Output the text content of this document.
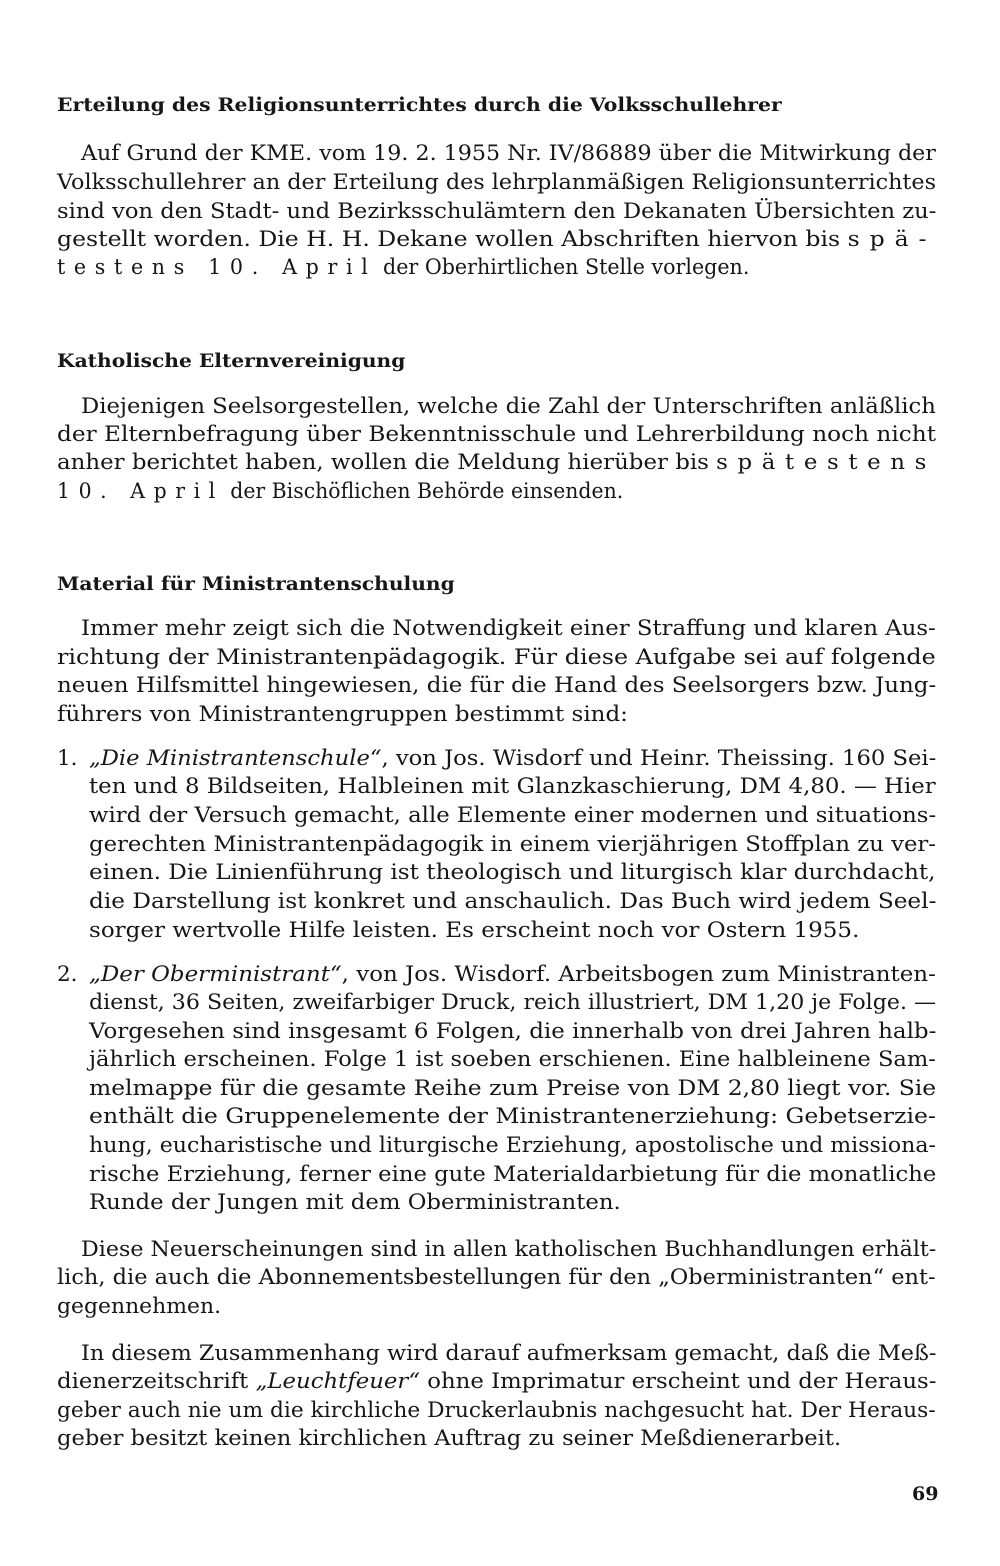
Erteilung des Religionsunterrichtes durch die Volksschullehrer
Auf Grund der KME. vom 19. 2. 1955 Nr. IV/86889 über die Mitwirkung der
Volksschullehrer an der Erteilung des lehrplanmäßigen Religionsunterrichtes
sind von den Stadt- und Bezirksschulämtern den Dekanaten Übersichten zu-
gestellt worden. Die H. H. Dekane wollen Abschriften hiervon bis spä-
testens 10. April der Oberhirtlichen Stelle vorlegen.
Katholische Elternvereinigung
Diejenigen Seelsorgestellen, welche die Zahl der Unterschriften anläßlich
der Elternbefragung über Bekenntnisschule und Lehrerbildung noch nicht
anher berichtet haben, wollen die Meldung hierüber bis spätestens
10. April der Bischöflichen Behörde einsenden.
Material für Ministrantenschulung
Immer mehr zeigt sich die Notwendigkeit einer Straffung und klaren Aus-
richtung der Ministrantenpädagogik. Für diese Aufgabe sei auf folgende
neuen Hilfsmittel hingewiesen, die für die Hand des Seelsorgers bzw. Jung-
führers von Ministrantengruppen bestimmt sind:
1. „Die Ministrantenschule“, von Jos. Wisdorf und Heinr. Theissing. 160 Sei-
ten und 8 Bildseiten, Halbleinen mit Glanzkaschierung, DM 4,80. — Hier
wird der Versuch gemacht, alle Elemente einer modernen und situations-
gerechten Ministrantenpädagogik in einem vierjährigen Stoffplan zu ver-
einen. Die Linienführung ist theologisch und liturgisch klar durchdacht,
die Darstellung ist konkret und anschaulich. Das Buch wird jedem Seel-
sorger wertvolle Hilfe leisten. Es erscheint noch vor Ostern 1955.
2. „Der Oberministrant“, von Jos. Wisdorf. Arbeitsbogen zum Ministranten-
dienst, 36 Seiten, zweifarbiger Druck, reich illustriert, DM 1,20 je Folge. —
Vorgesehen sind insgesamt 6 Folgen, die innerhalb von drei Jahren halb-
jährlich erscheinen. Folge 1 ist soeben erschienen. Eine halbleinene Sam-
melmappe für die gesamte Reihe zum Preise von DM 2,80 liegt vor. Sie
enthält die Gruppenelemente der Ministrantenerziehung: Gebetserzie-
hung, eucharistische und liturgische Erziehung, apostolische und missiona-
rische Erziehung, ferner eine gute Materialdarbietung für die monatliche
Runde der Jungen mit dem Oberministranten.
Diese Neuerscheinungen sind in allen katholischen Buchhandlungen erhält-
lich, die auch die Abonnementsbestellungen für den „Oberministranten“ ent-
gegennehmen.
In diesem Zusammenhang wird darauf aufmerksam gemacht, daß die Meß-
dienerzeitschrift „Leuchtfeuer“ ohne Imprimatur erscheint und der Heraus-
geber auch nie um die kirchliche Druckerlaubnis nachgesucht hat. Der Heraus-
geber besitzt keinen kirchlichen Auftrag zu seiner Meßdienerarbeit.
69
